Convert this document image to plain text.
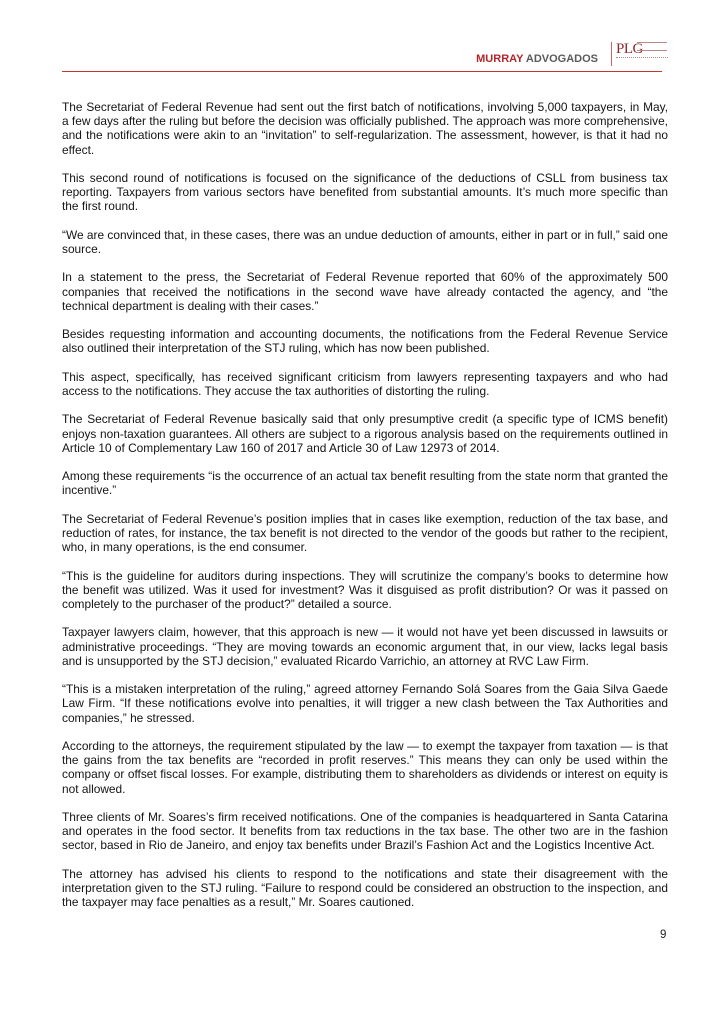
MURRAY ADVOGADOS
PLG

The Secretariat of Federal Revenue had sent out the first batch of notifications, involving 5,000 taxpayers, in May, a few days after the ruling but before the decision was officially published. The approach was more comprehensive, and the notifications were akin to an “invitation” to self-regularization. The assessment, however, is that it had no effect.

This second round of notifications is focused on the significance of the deductions of CSLL from business tax reporting. Taxpayers from various sectors have benefited from substantial amounts. It’s much more specific than the first round.

“We are convinced that, in these cases, there was an undue deduction of amounts, either in part or in full,” said one source.

In a statement to the press, the Secretariat of Federal Revenue reported that 60% of the approximately 500 companies that received the notifications in the second wave have already contacted the agency, and “the technical department is dealing with their cases.”

Besides requesting information and accounting documents, the notifications from the Federal Revenue Service also outlined their interpretation of the STJ ruling, which has now been published.

This aspect, specifically, has received significant criticism from lawyers representing taxpayers and who had access to the notifications. They accuse the tax authorities of distorting the ruling.

The Secretariat of Federal Revenue basically said that only presumptive credit (a specific type of ICMS benefit) enjoys non-taxation guarantees. All others are subject to a rigorous analysis based on the requirements outlined in Article 10 of Complementary Law 160 of 2017 and Article 30 of Law 12973 of 2014.

Among these requirements “is the occurrence of an actual tax benefit resulting from the state norm that granted the incentive.”

The Secretariat of Federal Revenue’s position implies that in cases like exemption, reduction of the tax base, and reduction of rates, for instance, the tax benefit is not directed to the vendor of the goods but rather to the recipient, who, in many operations, is the end consumer.

“This is the guideline for auditors during inspections. They will scrutinize the company’s books to determine how the benefit was utilized. Was it used for investment? Was it disguised as profit distribution? Or was it passed on completely to the purchaser of the product?” detailed a source.

Taxpayer lawyers claim, however, that this approach is new — it would not have yet been discussed in lawsuits or administrative proceedings. “They are moving towards an economic argument that, in our view, lacks legal basis and is unsupported by the STJ decision,” evaluated Ricardo Varrichio, an attorney at RVC Law Firm.

“This is a mistaken interpretation of the ruling,” agreed attorney Fernando Solá Soares from the Gaia Silva Gaede Law Firm. “If these notifications evolve into penalties, it will trigger a new clash between the Tax Authorities and companies,” he stressed.

According to the attorneys, the requirement stipulated by the law — to exempt the taxpayer from taxation — is that the gains from the tax benefits are “recorded in profit reserves.” This means they can only be used within the company or offset fiscal losses. For example, distributing them to shareholders as dividends or interest on equity is not allowed.

Three clients of Mr. Soares’s firm received notifications. One of the companies is headquartered in Santa Catarina and operates in the food sector. It benefits from tax reductions in the tax base. The other two are in the fashion sector, based in Rio de Janeiro, and enjoy tax benefits under Brazil’s Fashion Act and the Logistics Incentive Act.

The attorney has advised his clients to respond to the notifications and state their disagreement with the interpretation given to the STJ ruling. “Failure to respond could be considered an obstruction to the inspection, and the taxpayer may face penalties as a result,” Mr. Soares cautioned.

9
